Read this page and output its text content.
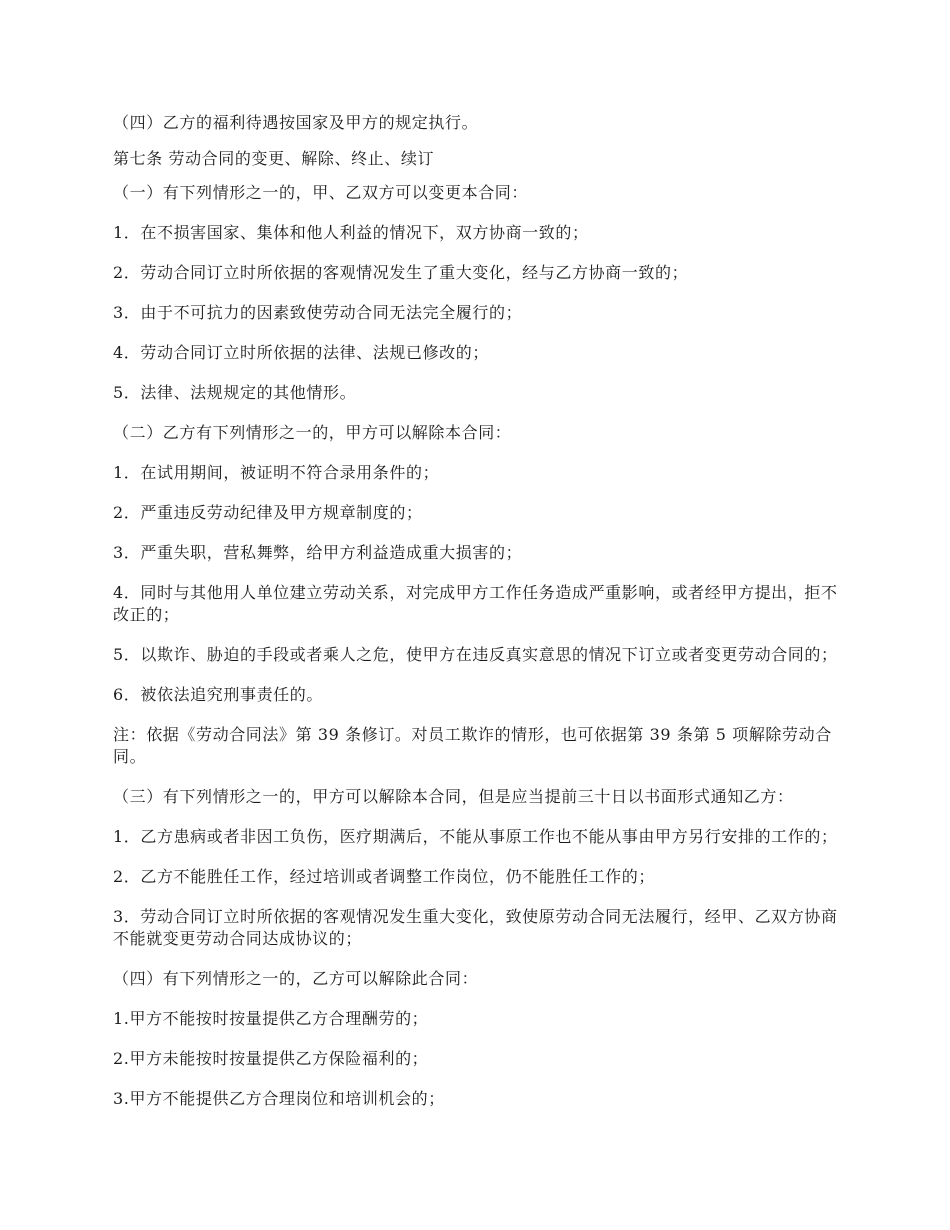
（四）乙方的福利待遇按国家及甲方的规定执行。

第七条 劳动合同的变更、解除、终止、续订

（一）有下列情形之一的，甲、乙双方可以变更本合同：

1．在不损害国家、集体和他人利益的情况下，双方协商一致的；

2．劳动合同订立时所依据的客观情况发生了重大变化，经与乙方协商一致的；

3．由于不可抗力的因素致使劳动合同无法完全履行的；

4．劳动合同订立时所依据的法律、法规已修改的；

5．法律、法规规定的其他情形。

（二）乙方有下列情形之一的，甲方可以解除本合同：

1．在试用期间，被证明不符合录用条件的；

2．严重违反劳动纪律及甲方规章制度的；

3．严重失职，营私舞弊，给甲方利益造成重大损害的；

4．同时与其他用人单位建立劳动关系，对完成甲方工作任务造成严重影响，或者经甲方提出，拒不改正的；

5．以欺诈、胁迫的手段或者乘人之危，使甲方在违反真实意思的情况下订立或者变更劳动合同的；

6．被依法追究刑事责任的。

注：依据《劳动合同法》第 39 条修订。对员工欺诈的情形，也可依据第 39 条第 5 项解除劳动合同。

（三）有下列情形之一的，甲方可以解除本合同，但是应当提前三十日以书面形式通知乙方：

1．乙方患病或者非因工负伤，医疗期满后，不能从事原工作也不能从事由甲方另行安排的工作的；

2．乙方不能胜任工作，经过培训或者调整工作岗位，仍不能胜任工作的；

3．劳动合同订立时所依据的客观情况发生重大变化，致使原劳动合同无法履行，经甲、乙双方协商不能就变更劳动合同达成协议的；

（四）有下列情形之一的，乙方可以解除此合同：

1.甲方不能按时按量提供乙方合理酬劳的；

2.甲方未能按时按量提供乙方保险福利的；

3.甲方不能提供乙方合理岗位和培训机会的；
